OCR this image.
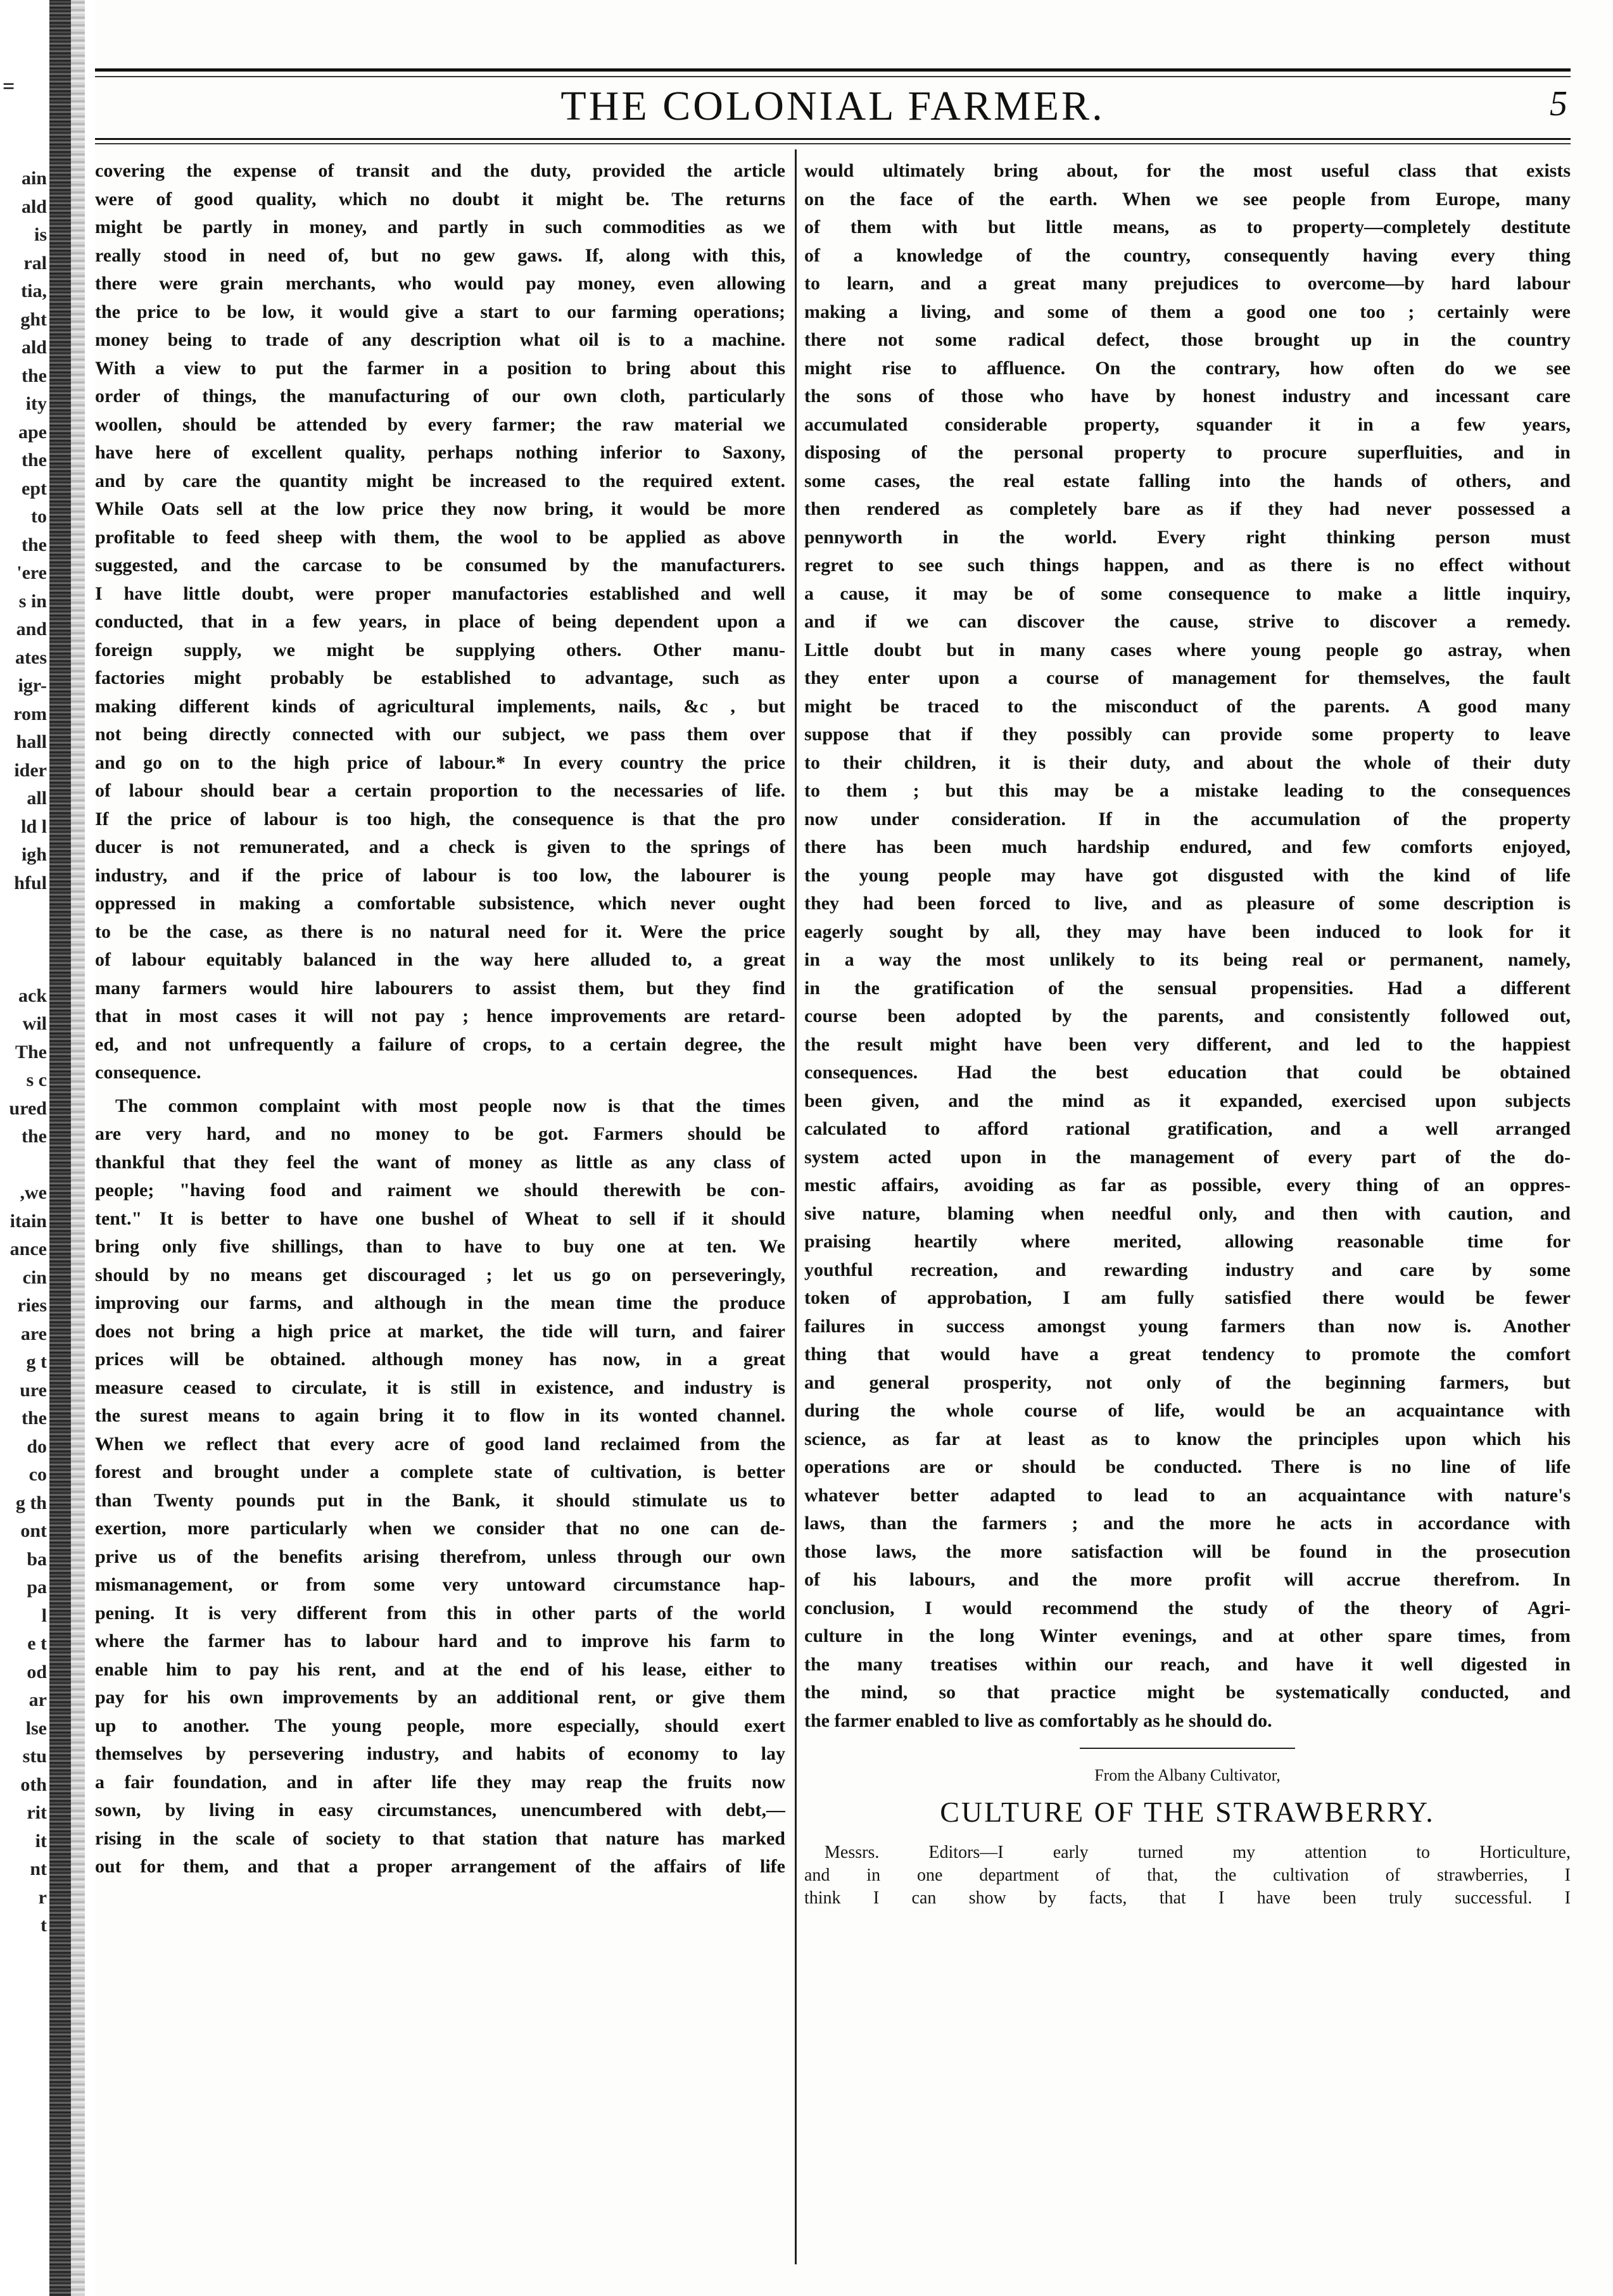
=
ain
ald
is
ral
tia,
ght
ald
the
ity
ape
the
ept
to
the
'ere
s in
and
ates
igr-
rom
hall
ider
all
ld l
igh
hful
ack
wil
The
s c
ured
the
,we
itain
ance
cin
ries
are
g t
ure
the
do
co
g th
ont
ba
pa
l
e t
od
ar
lse
stu
oth
rit
it
nt
r
t
THE COLONIAL FARMER.	5
covering the expense of transit and the duty, provided the article
were of good quality, which no doubt it might be. The returns
might be partly in money, and partly in such commodities as we
really stood in need of, but no gew gaws. If, along with this,
there were grain merchants, who would pay money, even allowing
the price to be low, it would give a start to our farming operations;
money being to trade of any description what oil is to a machine.
With a view to put the farmer in a position to bring about this
order of things, the manufacturing of our own cloth, particularly
woollen, should be attended by every farmer; the raw material we
have here of excellent quality, perhaps nothing inferior to Saxony,
and by care the quantity might be increased to the required extent.
While Oats sell at the low price they now bring, it would be more
profitable to feed sheep with them, the wool to be applied as above
suggested, and the carcase to be consumed by the manufacturers.
I have little doubt, were proper manufactories established and well
conducted, that in a few years, in place of being dependent upon a
foreign supply, we might be supplying others. Other manu-
factories might probably be established to advantage, such as
making different kinds of agricultural implements, nails, &c , but
not being directly connected with our subject, we pass them over
and go on to the high price of labour.* In every country the price
of labour should bear a certain proportion to the necessaries of life.
If the price of labour is too high, the consequence is that the pro
ducer is not remunerated, and a check is given to the springs of
industry, and if the price of labour is too low, the labourer is
oppressed in making a comfortable subsistence, which never ought
to be the case, as there is no natural need for it. Were the price
of labour equitably balanced in the way here alluded to, a great
many farmers would hire labourers to assist them, but they find
that in most cases it will not pay ; hence improvements are retard-
ed, and not unfrequently a failure of crops, to a certain degree, the
consequence.
The common complaint with most people now is that the times
are very hard, and no money to be got. Farmers should be
thankful that they feel the want of money as little as any class of
people; "having food and raiment we should therewith be con-
tent." It is better to have one bushel of Wheat to sell if it should
bring only five shillings, than to have to buy one at ten. We
should by no means get discouraged ; let us go on perseveringly,
improving our farms, and although in the mean time the produce
does not bring a high price at market, the tide will turn, and fairer
prices will be obtained. although money has now, in a great
measure ceased to circulate, it is still in existence, and industry is
the surest means to again bring it to flow in its wonted channel.
When we reflect that every acre of good land reclaimed from the
forest and brought under a complete state of cultivation, is better
than Twenty pounds put in the Bank, it should stimulate us to
exertion, more particularly when we consider that no one can de-
prive us of the benefits arising therefrom, unless through our own
mismanagement, or from some very untoward circumstance hap-
pening. It is very different from this in other parts of the world
where the farmer has to labour hard and to improve his farm to
enable him to pay his rent, and at the end of his lease, either to
pay for his own improvements by an additional rent, or give them
up to another. The young people, more especially, should exert
themselves by persevering industry, and habits of economy to lay
a fair foundation, and in after life they may reap the fruits now
sown, by living in easy circumstances, unencumbered with debt,—
rising in the scale of society to that station that nature has marked
out for them, and that a proper arrangement of the affairs of life
would ultimately bring about, for the most useful class that exists
on the face of the earth. When we see people from Europe, many
of them with but little means, as to property—completely destitute
of a knowledge of the country, consequently having every thing
to learn, and a great many prejudices to overcome—by hard labour
making a living, and some of them a good one too ; certainly were
there not some radical defect, those brought up in the country
might rise to affluence. On the contrary, how often do we see
the sons of those who have by honest industry and incessant care
accumulated considerable property, squander it in a few years,
disposing of the personal property to procure superfluities, and in
some cases, the real estate falling into the hands of others, and
then rendered as completely bare as if they had never possessed a
pennyworth in the world. Every right thinking person must
regret to see such things happen, and as there is no effect without
a cause, it may be of some consequence to make a little inquiry,
and if we can discover the cause, strive to discover a remedy.
Little doubt but in many cases where young people go astray, when
they enter upon a course of management for themselves, the fault
might be traced to the misconduct of the parents. A good many
suppose that if they possibly can provide some property to leave
to their children, it is their duty, and about the whole of their duty
to them ; but this may be a mistake leading to the consequences
now under consideration. If in the accumulation of the property
there has been much hardship endured, and few comforts enjoyed,
the young people may have got disgusted with the kind of life
they had been forced to live, and as pleasure of some description is
eagerly sought by all, they may have been induced to look for it
in a way the most unlikely to its being real or permanent, namely,
in the gratification of the sensual propensities. Had a different
course been adopted by the parents, and consistently followed out,
the result might have been very different, and led to the happiest
consequences. Had the best education that could be obtained
been given, and the mind as it expanded, exercised upon subjects
calculated to afford rational gratification, and a well arranged
system acted upon in the management of every part of the do-
mestic affairs, avoiding as far as possible, every thing of an oppres-
sive nature, blaming when needful only, and then with caution, and
praising heartily where merited, allowing reasonable time for
youthful recreation, and rewarding industry and care by some
token of approbation, I am fully satisfied there would be fewer
failures in success amongst young farmers than now is. Another
thing that would have a great tendency to promote the comfort
and general prosperity, not only of the beginning farmers, but
during the whole course of life, would be an acquaintance with
science, as far at least as to know the principles upon which his
operations are or should be conducted. There is no line of life
whatever better adapted to lead to an acquaintance with nature's
laws, than the farmers ; and the more he acts in accordance with
those laws, the more satisfaction will be found in the prosecution
of his labours, and the more profit will accrue therefrom. In
conclusion, I would recommend the study of the theory of Agri-
culture in the long Winter evenings, and at other spare times, from
the many treatises within our reach, and have it well digested in
the mind, so that practice might be systematically conducted, and
the farmer enabled to live as comfortably as he should do.
From the Albany Cultivator,
CULTURE OF THE STRAWBERRY.
Messrs. Editors—I early turned my attention to Horticulture,
and in one department of that, the cultivation of strawberries, I
think I can show by facts, that I have been truly successful. I
